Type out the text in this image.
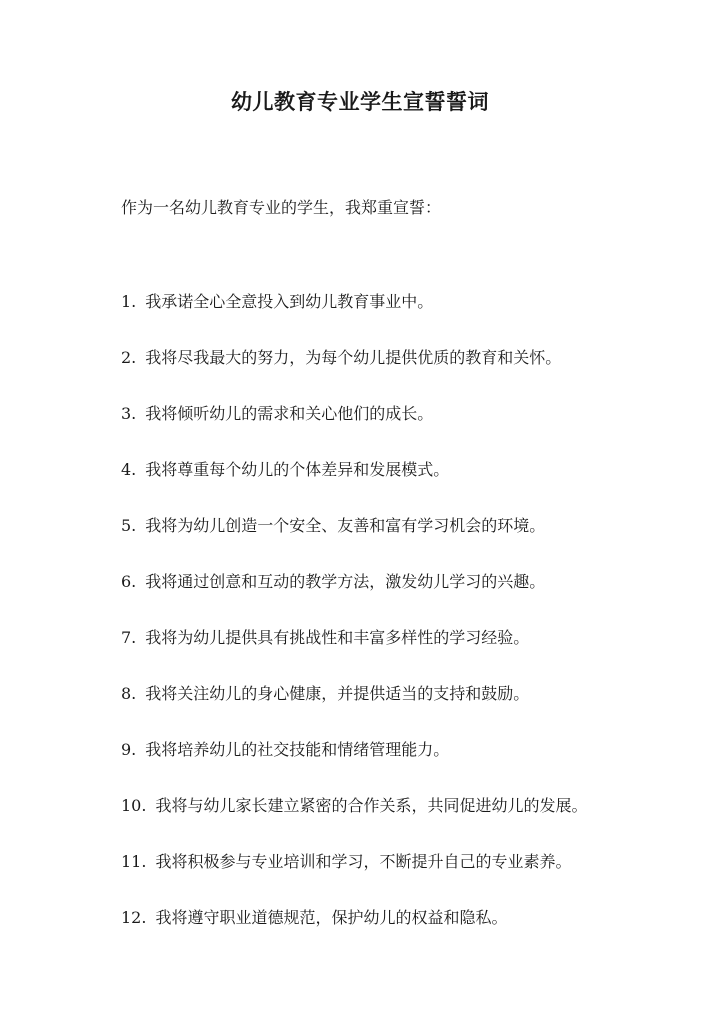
幼儿教育专业学生宣誓誓词
作为一名幼儿教育专业的学生，我郑重宣誓：
1. 我承诺全心全意投入到幼儿教育事业中。
2. 我将尽我最大的努力，为每个幼儿提供优质的教育和关怀。
3. 我将倾听幼儿的需求和关心他们的成长。
4. 我将尊重每个幼儿的个体差异和发展模式。
5. 我将为幼儿创造一个安全、友善和富有学习机会的环境。
6. 我将通过创意和互动的教学方法，激发幼儿学习的兴趣。
7. 我将为幼儿提供具有挑战性和丰富多样性的学习经验。
8. 我将关注幼儿的身心健康，并提供适当的支持和鼓励。
9. 我将培养幼儿的社交技能和情绪管理能力。
10. 我将与幼儿家长建立紧密的合作关系，共同促进幼儿的发展。
11. 我将积极参与专业培训和学习，不断提升自己的专业素养。
12. 我将遵守职业道德规范，保护幼儿的权益和隐私。
